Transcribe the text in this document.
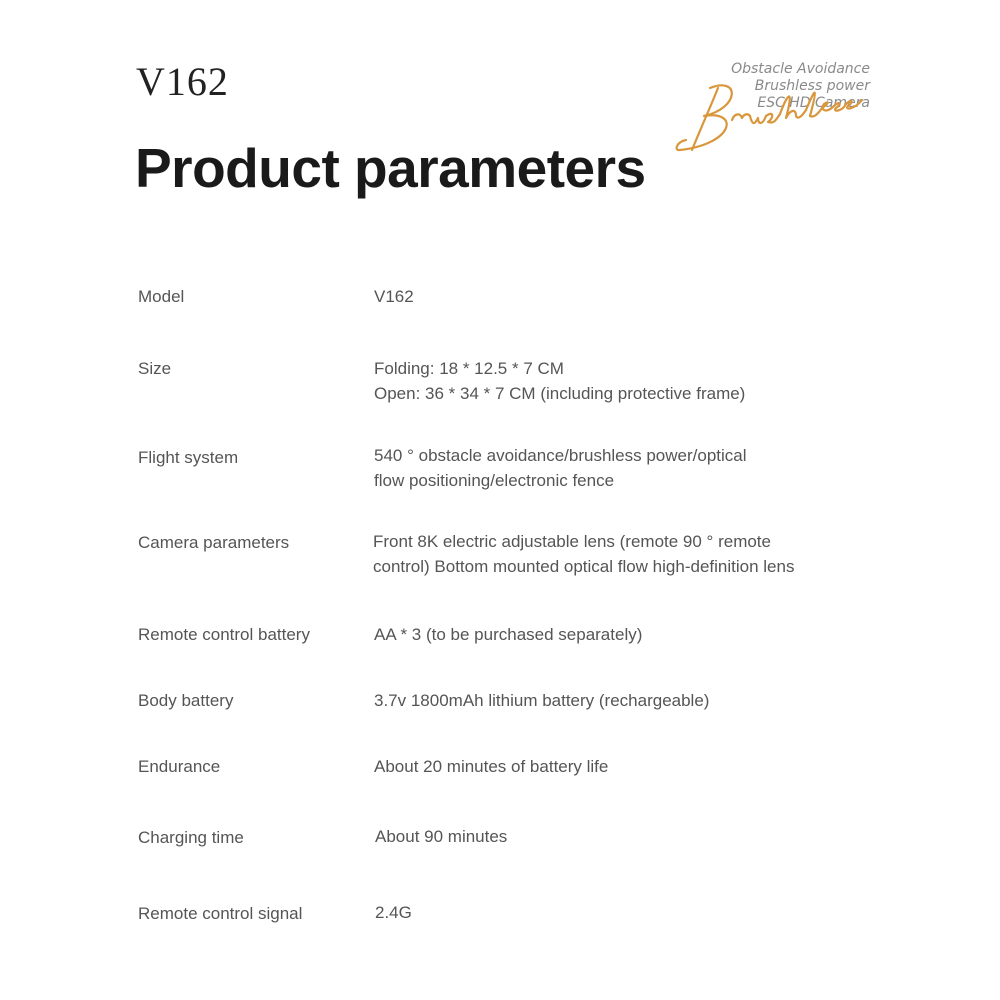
V162
Product parameters
Obstacle Avoidance
Brushless power
ESC HD Camera
Model	V162
Size	Folding: 18 * 12.5 * 7 CM
Open: 36 * 34 * 7 CM (including protective frame)
Flight system	540 ° obstacle avoidance/brushless power/optical
flow positioning/electronic fence
Camera parameters	Front 8K electric adjustable lens (remote 90 ° remote
control) Bottom mounted optical flow high-definition lens
Remote control battery	AA * 3 (to be purchased separately)
Body battery	3.7v 1800mAh lithium battery (rechargeable)
Endurance	About 20 minutes of battery life
Charging time	About 90 minutes
Remote control signal	2.4G
